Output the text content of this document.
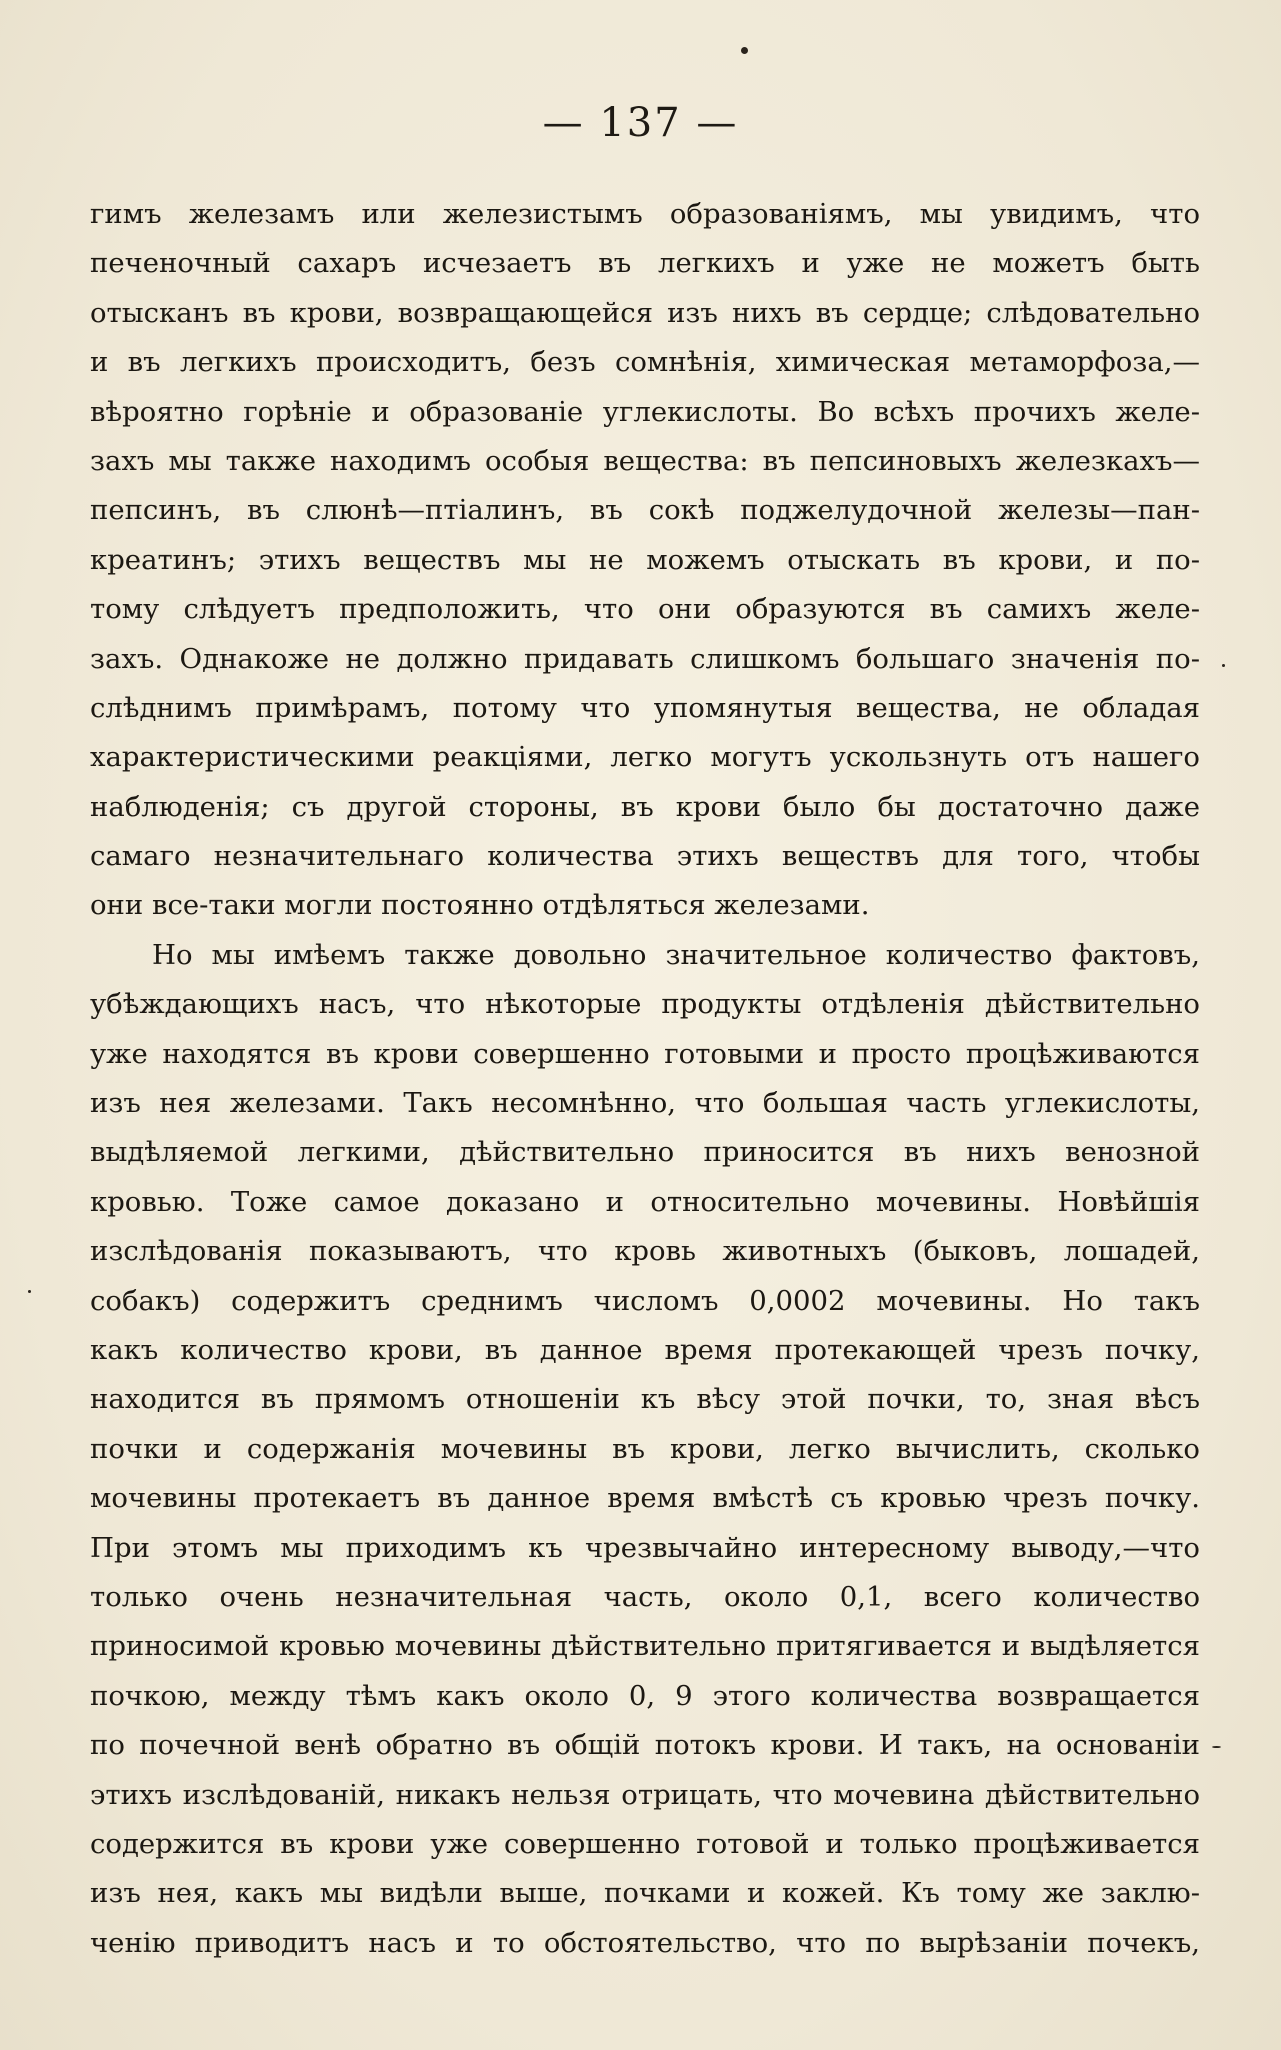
— 137 —
гимъ железамъ или железистымъ образованiямъ, мы увидимъ, что
печеночный сахаръ исчезаетъ въ легкихъ и уже не можетъ быть
отысканъ въ крови, возвращающейся изъ нихъ въ сердце; слѣдовательно
и въ легкихъ происходитъ, безъ сомнѣнiя, химическая метаморфоза,—
вѣроятно горѣнiе и образованiе углекислоты. Во всѣхъ прочихъ желе-
захъ мы также находимъ особыя вещества: въ пепсиновыхъ железкахъ—
пепсинъ, въ слюнѣ—птiалинъ, въ сокѣ поджелудочной железы—пан-
креатинъ; этихъ веществъ мы не можемъ отыскать въ крови, и по-
тому слѣдуетъ предположить, что они образуются въ самихъ желе-
захъ. Однакоже не должно придавать слишкомъ большаго значенiя по-
слѣднимъ примѣрамъ, потому что упомянутыя вещества, не обладая
характеристическими реакцiями, легко могутъ ускользнуть отъ нашего
наблюденiя; съ другой стороны, въ крови было бы достаточно даже
самаго незначительнаго количества этихъ веществъ для того, чтобы
они все-таки могли постоянно отдѣляться железами.
Но мы имѣемъ также довольно значительное количество фактовъ,
убѣждающихъ насъ, что нѣкоторые продукты отдѣленiя дѣйствительно
уже находятся въ крови совершенно готовыми и просто процѣживаются
изъ нея железами. Такъ несомнѣнно, что большая часть углекислоты,
выдѣляемой легкими, дѣйствительно приносится въ нихъ венозной
кровью. Тоже самое доказано и относительно мочевины. Новѣйшiя
изслѣдованiя показываютъ, что кровь животныхъ (быковъ, лошадей,
собакъ) содержитъ среднимъ числомъ 0,0002 мочевины. Но такъ
какъ количество крови, въ данное время протекающей чрезъ почку,
находится въ прямомъ отношенiи къ вѣсу этой почки, то, зная вѣсъ
почки и содержанiя мочевины въ крови, легко вычислить, сколько
мочевины протекаетъ въ данное время вмѣстѣ съ кровью чрезъ почку.
При этомъ мы приходимъ къ чрезвычайно интересному выводу,—что
только очень незначительная часть, около 0,1, всего количество
приносимой кровью мочевины дѣйствительно притягивается и выдѣляется
почкою, между тѣмъ какъ около 0, 9 этого количества возвращается
по почечной венѣ обратно въ общiй потокъ крови. И такъ, на основанiи
этихъ изслѣдованiй, никакъ нельзя отрицать, что мочевина дѣйствительно
содержится въ крови уже совершенно готовой и только процѣживается
изъ нея, какъ мы видѣли выше, почками и кожей. Къ тому же заклю-
ченiю приводитъ насъ и то обстоятельство, что по вырѣзанiи почекъ,
